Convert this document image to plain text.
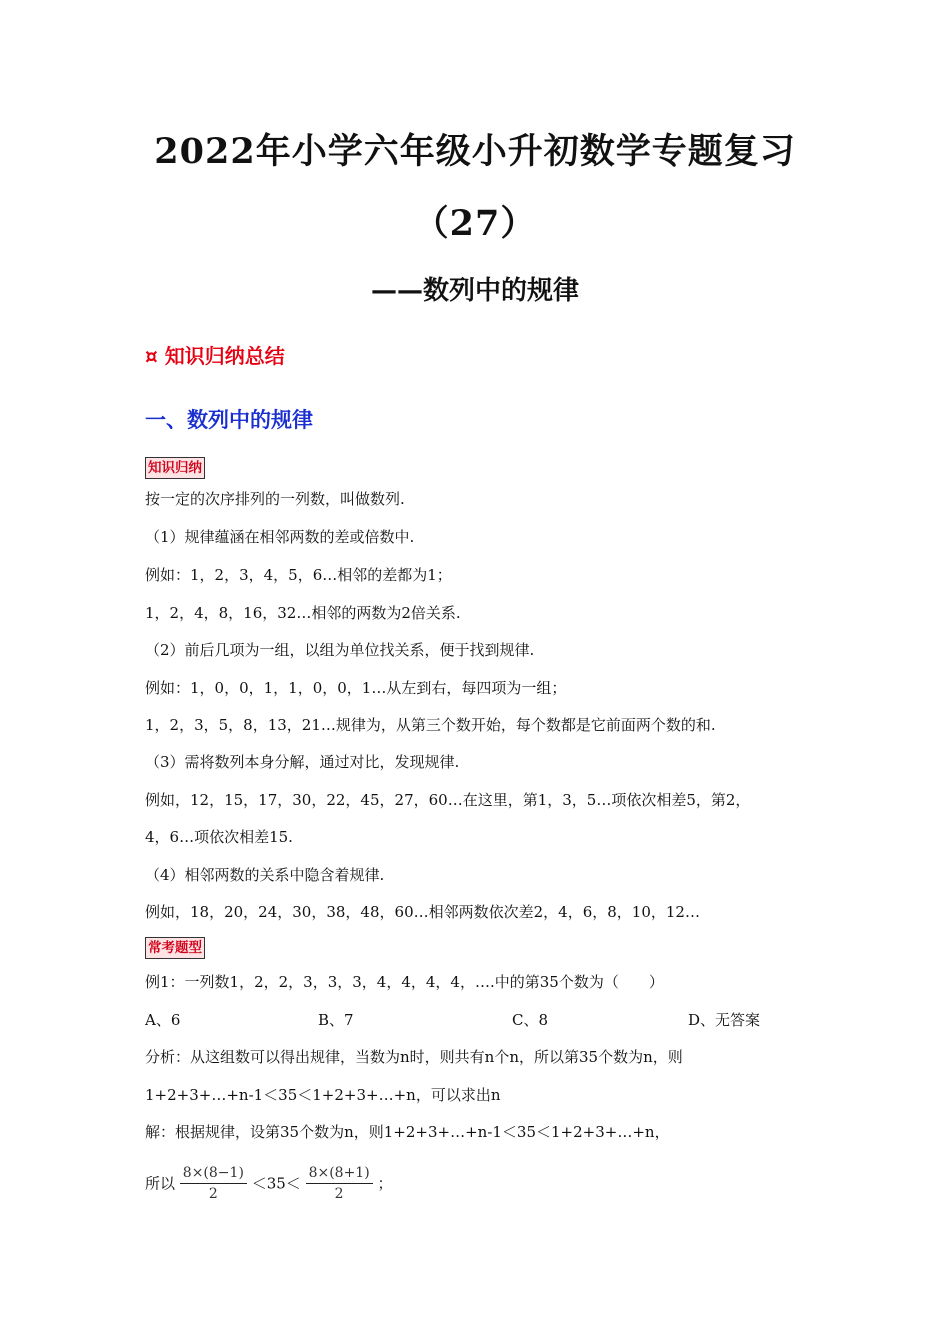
2022年小学六年级小升初数学专题复习
（27）
——数列中的规律
¤ 知识归纳总结
一、数列中的规律
知识归纳
按一定的次序排列的一列数，叫做数列.
（1）规律蕴涵在相邻两数的差或倍数中.
例如：1，2，3，4，5，6…相邻的差都为1；
1，2，4，8，16，32…相邻的两数为2倍关系.
（2）前后几项为一组，以组为单位找关系，便于找到规律.
例如：1，0，0，1，1，0，0，1…从左到右，每四项为一组；
1，2，3，5，8，13，21…规律为，从第三个数开始，每个数都是它前面两个数的和.
（3）需将数列本身分解，通过对比，发现规律.
例如，12，15，17，30，22，45，27，60…在这里，第1，3，5…项依次相差5，第2，
4，6…项依次相差15.
（4）相邻两数的关系中隐含着规律.
例如，18，20，24，30，38，48，60…相邻两数依次差2，4，6，8，10，12…
常考题型
例1：一列数1，2，2，3，3，3，4，4，4，4，….中的第35个数为（　　）
A、6	B、7	C、8	D、无答案
分析：从这组数可以得出规律，当数为n时，则共有n个n，所以第35个数为n，则
1+2+3+…+n-1＜35＜1+2+3+…+n，可以求出n
解：根据规律，设第35个数为n，则1+2+3+…+n-1＜35＜1+2+3+…+n，
所以 $\frac{8\times(8-1)}{2} <35< \frac{8\times(8+1)}{2}$ ；
